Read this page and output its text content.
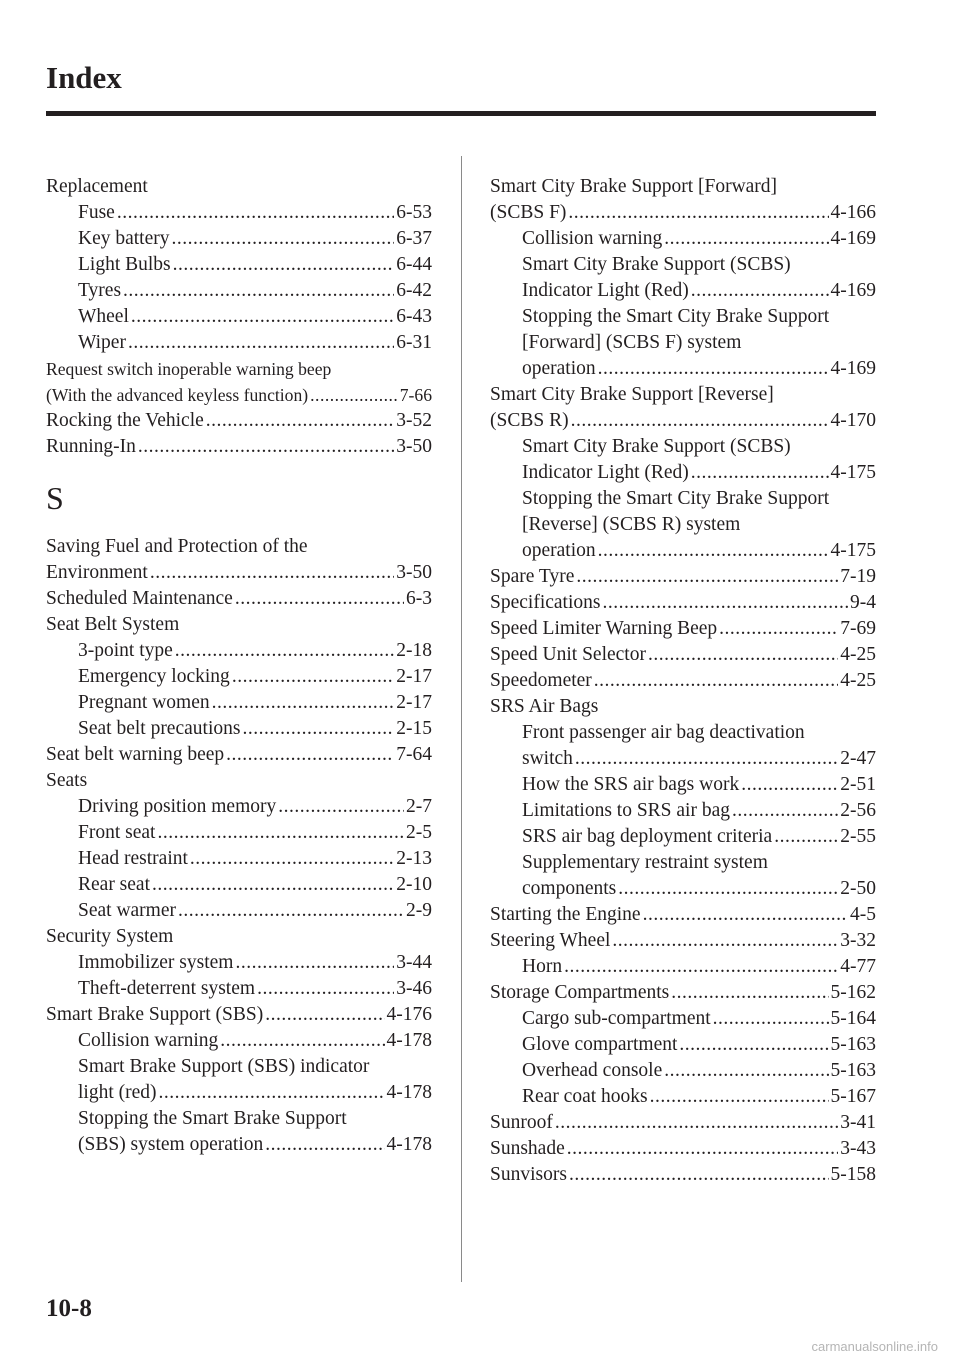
Index
Replacement
Fuse .....	6-53
Key battery .....	6-37
Light Bulbs .....	6-44
Tyres .....	6-42
Wheel .....	6-43
Wiper .....	6-31
Request switch inoperable warning beep
(With the advanced keyless function) .....	7-66
Rocking the Vehicle .....	3-52
Running-In .....	3-50
S
Saving Fuel and Protection of the
Environment .....	3-50
Scheduled Maintenance .....	6-3
Seat Belt System
3-point type .....	2-18
Emergency locking .....	2-17
Pregnant women .....	2-17
Seat belt precautions .....	2-15
Seat belt warning beep .....	7-64
Seats
Driving position memory .....	2-7
Front seat .....	2-5
Head restraint .....	2-13
Rear seat .....	2-10
Seat warmer .....	2-9
Security System
Immobilizer system .....	3-44
Theft-deterrent system .....	3-46
Smart Brake Support (SBS) .....	4-176
Collision warning .....	4-178
Smart Brake Support (SBS) indicator
light (red) .....	4-178
Stopping the Smart Brake Support
(SBS) system operation .....	4-178
Smart City Brake Support [Forward]
(SCBS F) .....	4-166
Collision warning .....	4-169
Smart City Brake Support (SCBS)
Indicator Light (Red) .....	4-169
Stopping the Smart City Brake Support
[Forward] (SCBS F) system
operation .....	4-169
Smart City Brake Support [Reverse]
(SCBS R) .....	4-170
Smart City Brake Support (SCBS)
Indicator Light (Red) .....	4-175
Stopping the Smart City Brake Support
[Reverse] (SCBS R) system
operation .....	4-175
Spare Tyre .....	7-19
Specifications .....	9-4
Speed Limiter Warning Beep .....	7-69
Speed Unit Selector .....	4-25
Speedometer .....	4-25
SRS Air Bags
Front passenger air bag deactivation
switch .....	2-47
How the SRS air bags work .....	2-51
Limitations to SRS air bag .....	2-56
SRS air bag deployment criteria .....	2-55
Supplementary restraint system
components .....	2-50
Starting the Engine .....	4-5
Steering Wheel .....	3-32
Horn .....	4-77
Storage Compartments .....	5-162
Cargo sub-compartment .....	5-164
Glove compartment .....	5-163
Overhead console .....	5-163
Rear coat hooks .....	5-167
Sunroof .....	3-41
Sunshade .....	3-43
Sunvisors .....	5-158
10-8
carmanualsonline.info
